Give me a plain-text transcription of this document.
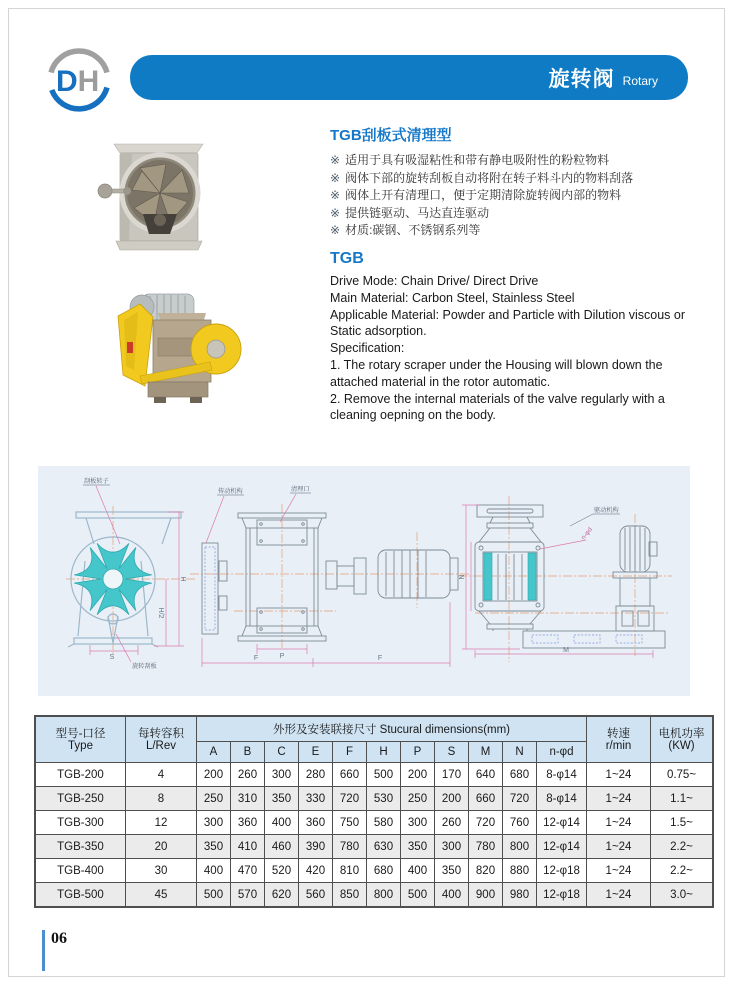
DH	旋转阀 Rotary
TGB刮板式清理型
※ 适用于具有吸湿粘性和带有静电吸附性的粉粒物料
※ 阀体下部的旋转刮板自动将附在转子料斗内的物料刮落
※ 阀体上开有清理口，便于定期清除旋转阀内部的物料
※ 提供链驱动、马达直连驱动
※ 材质:碳钢、不锈钢系列等
TGB
Drive Mode: Chain Drive/ Direct Drive
Main Material: Carbon Steel, Stainless Steel
Applicable Material: Powder and Particle with Dilution viscous or
Static adsorption.
Specification:
1. The rotary scraper under the Housing will blown down the
attached material in the rotor automatic.
2. Remove the internal materials of the valve regularly with a
cleaning oepning on the body.
H
H/2
S
刮板转子
旋转刮板
P
F	F
传动机构	清理口
N
M
n-φd
驱动机构
型号-口径
Type

每转容积
L/Rev
	外形及安装联接尺寸 Stucural dimensions(mm)	转速
r/min

电机功率
(KW)

		A	B	C	E	F	H	P	S	M	N	n-φd		
TGB-200	4	200	260	300	280	660	500	200	170	640	680	8-φ14	1~24	0.75~
TGB-250	8	250	310	350	330	720	530	250	200	660	720	8-φ14	1~24	1.1~
TGB-300	12	300	360	400	360	750	580	300	260	720	760	12-φ14	1~24	1.5~
TGB-350	20	350	410	460	390	780	630	350	300	780	800	12-φ14	1~24	2.2~
TGB-400	30	400	470	520	420	810	680	400	350	820	880	12-φ18	1~24	2.2~
TGB-500	45	500	570	620	560	850	800	500	400	900	980	12-φ18	1~24	3.0~
06
